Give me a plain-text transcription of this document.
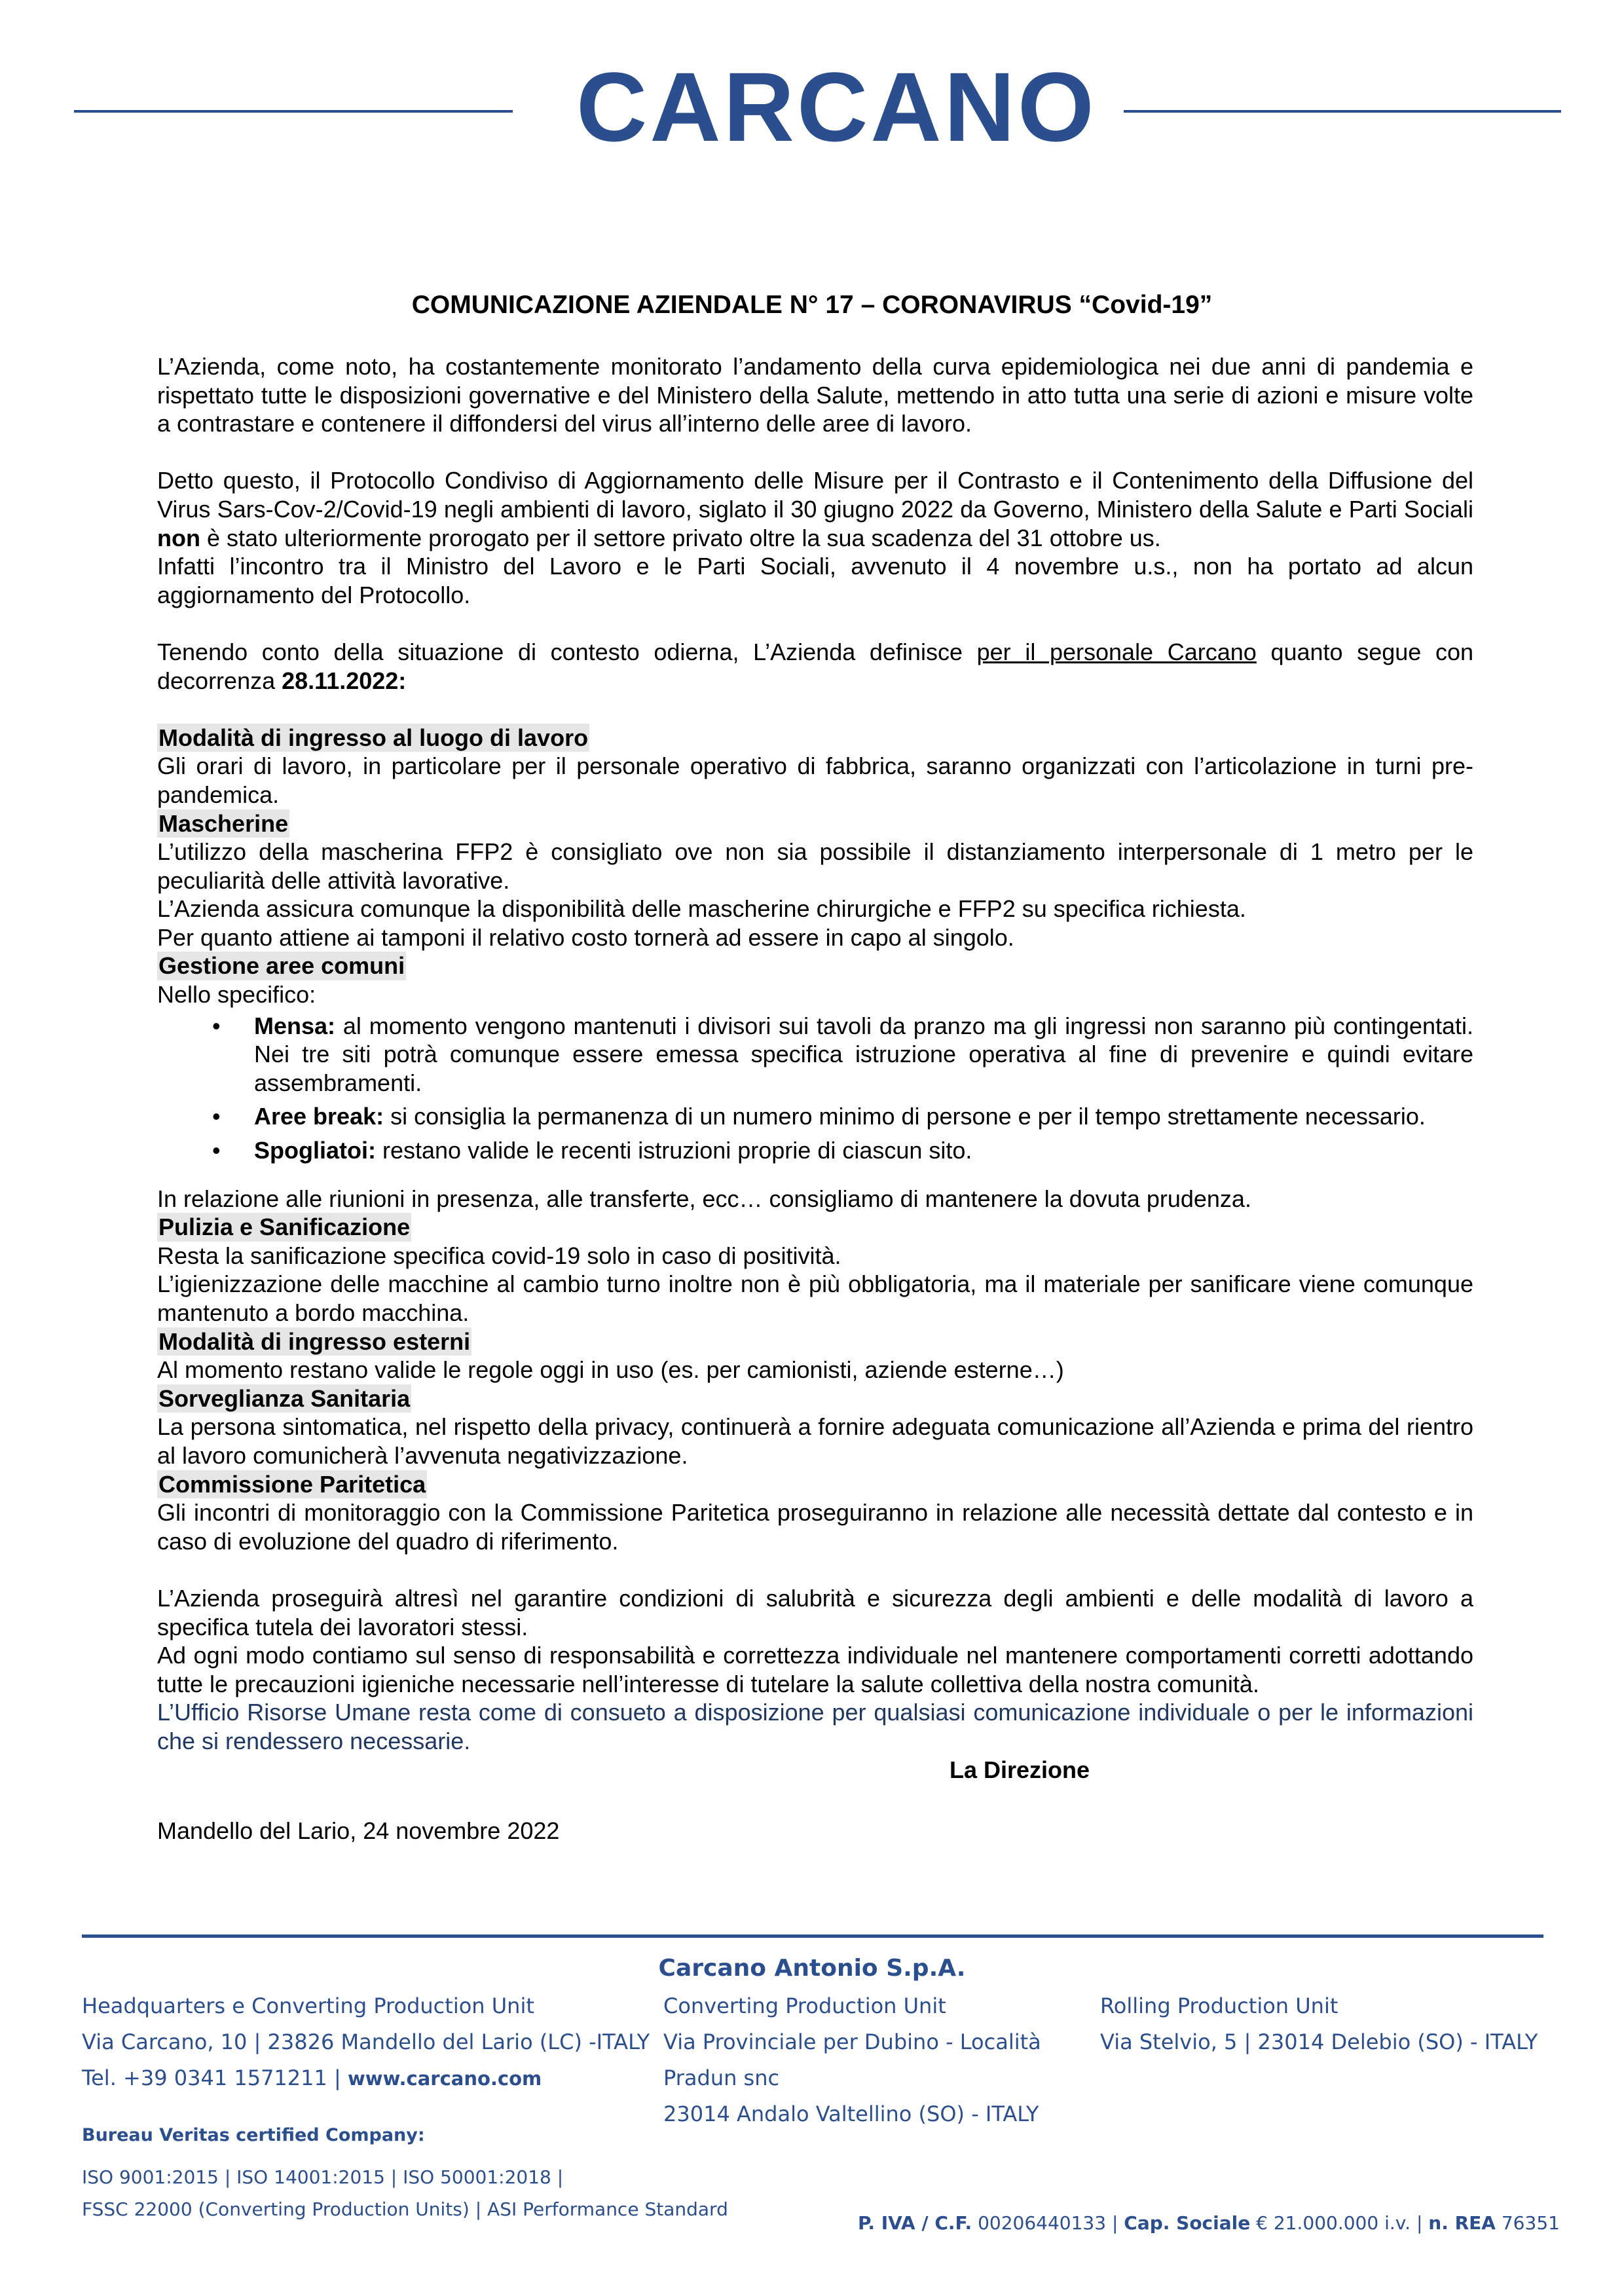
CARCANO
COMUNICAZIONE AZIENDALE N° 17 – CORONAVIRUS “Covid-19”

L’Azienda, come noto, ha costantemente monitorato l’andamento della curva epidemiologica nei due anni di pandemia e rispettato tutte le disposizioni governative e del Ministero della Salute, mettendo in atto tutta una serie di azioni e misure volte a contrastare e contenere il diffondersi del virus all’interno delle aree di lavoro.

Detto questo, il Protocollo Condiviso di Aggiornamento delle Misure per il Contrasto e il Contenimento della Diffusione del Virus Sars-Cov-2/Covid-19 negli ambienti di lavoro, siglato il 30 giugno 2022 da Governo, Ministero della Salute e Parti Sociali non è stato ulteriormente prorogato per il settore privato oltre la sua scadenza del 31 ottobre us.

Infatti l’incontro tra il Ministro del Lavoro e le Parti Sociali, avvenuto il 4 novembre u.s., non ha portato ad alcun aggiornamento del Protocollo.

Tenendo conto della situazione di contesto odierna, L’Azienda definisce per il personale Carcano quanto segue con decorrenza 28.11.2022:

Modalità di ingresso al luogo di lavoro

Gli orari di lavoro, in particolare per il personale operativo di fabbrica, saranno organizzati con l’articolazione in turni pre-pandemica.

Mascherine

L’utilizzo della mascherina FFP2 è consigliato ove non sia possibile il distanziamento interpersonale di 1 metro per le peculiarità delle attività lavorative.

L’Azienda assicura comunque la disponibilità delle mascherine chirurgiche e FFP2 su specifica richiesta.

Per quanto attiene ai tamponi il relativo costo tornerà ad essere in capo al singolo.

Gestione aree comuni

Nello specifico:

• Mensa: al momento vengono mantenuti i divisori sui tavoli da pranzo ma gli ingressi non saranno più contingentati. Nei tre siti potrà comunque essere emessa specifica istruzione operativa al fine di prevenire e quindi evitare assembramenti.
• Aree break: si consiglia la permanenza di un numero minimo di persone e per il tempo strettamente necessario.
• Spogliatoi: restano valide le recenti istruzioni proprie di ciascun sito.

In relazione alle riunioni in presenza, alle transferte, ecc… consigliamo di mantenere la dovuta prudenza.

Pulizia e Sanificazione

Resta la sanificazione specifica covid-19 solo in caso di positività.

L’igienizzazione delle macchine al cambio turno inoltre non è più obbligatoria, ma il materiale per sanificare viene comunque mantenuto a bordo macchina.

Modalità di ingresso esterni

Al momento restano valide le regole oggi in uso (es. per camionisti, aziende esterne…)

Sorveglianza Sanitaria

La persona sintomatica, nel rispetto della privacy, continuerà a fornire adeguata comunicazione all’Azienda e prima del rientro al lavoro comunicherà l’avvenuta negativizzazione.

Commissione Paritetica

Gli incontri di monitoraggio con la Commissione Paritetica proseguiranno in relazione alle necessità dettate dal contesto e in caso di evoluzione del quadro di riferimento.

L’Azienda proseguirà altresì nel garantire condizioni di salubrità e sicurezza degli ambienti e delle modalità di lavoro a specifica tutela dei lavoratori stessi.

Ad ogni modo contiamo sul senso di responsabilità e correttezza individuale nel mantenere comportamenti corretti adottando tutte le precauzioni igieniche necessarie nell’interesse di tutelare la salute collettiva della nostra comunità.

L’Ufficio Risorse Umane resta come di consueto a disposizione per qualsiasi comunicazione individuale o per le informazioni che si rendessero necessarie.

La Direzione

Mandello del Lario, 24 novembre 2022

Carcano Antonio S.p.A.
Headquarters e Converting Production Unit
Via Carcano, 10 | 23826 Mandello del Lario (LC) -ITALY
Tel. +39 0341 1571211 | www.carcano.com
Converting Production Unit
Via Provinciale per Dubino - Località
Pradun snc
23014 Andalo Valtellino (SO) - ITALY
Rolling Production Unit
Via Stelvio, 5 | 23014 Delebio (SO) - ITALY
Bureau Veritas certified Company:
ISO 9001:2015 | ISO 14001:2015 | ISO 50001:2018 |
FSSC 22000 (Converting Production Units) | ASI Performance Standard
P. IVA / C.F. 00206440133 | Cap. Sociale € 21.000.000 i.v. | n. REA 76351
